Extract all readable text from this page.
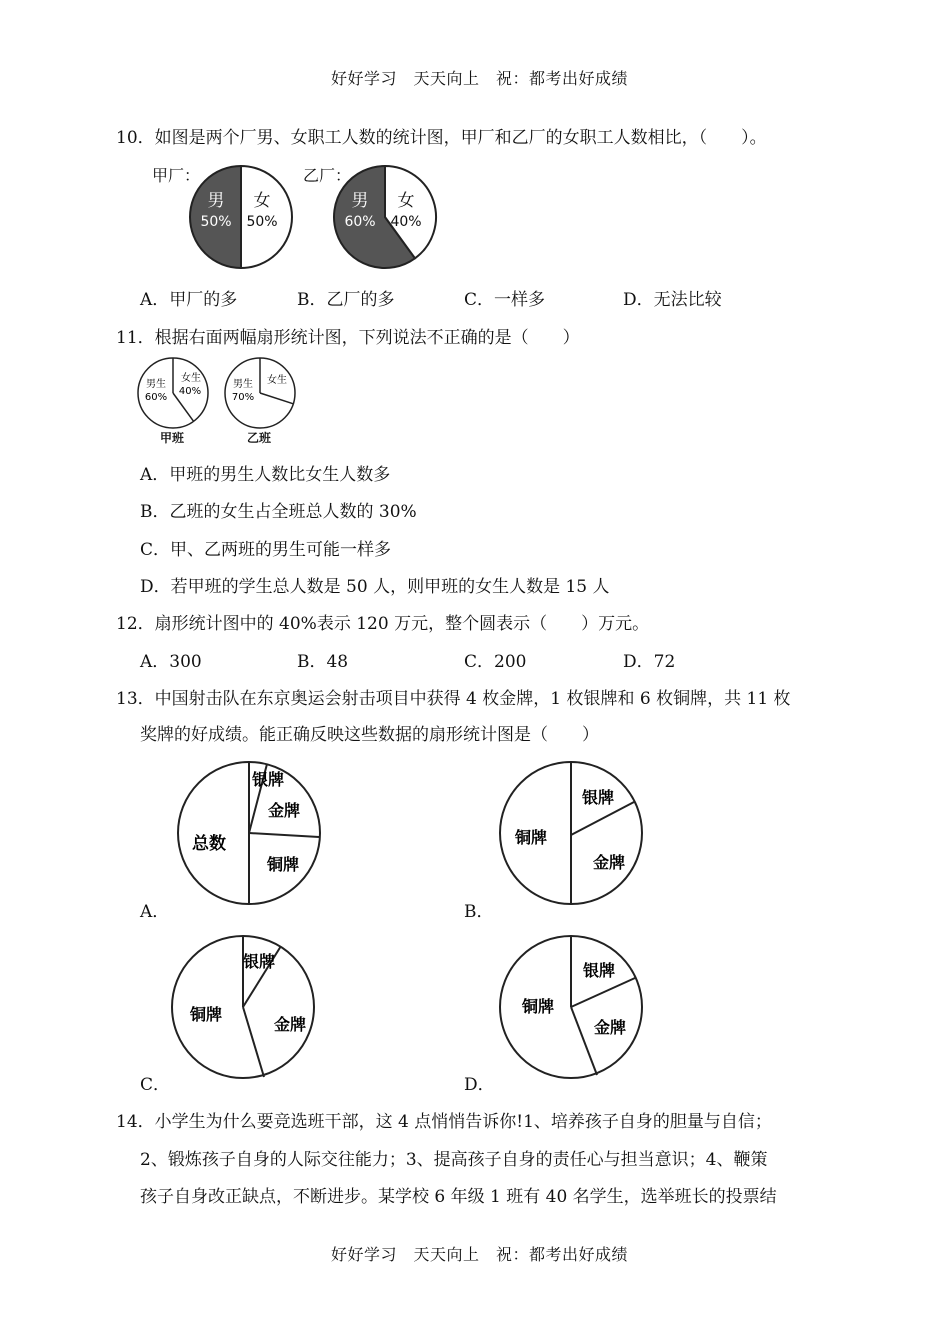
好好学习　天天向上　祝：都考出好成绩
10．如图是两个厂男、女职工人数的统计图，甲厂和乙厂的女职工人数相比，（　　）。
甲厂：
男
50%
女
50%
乙厂：
男
60%
女
40%
A．甲厂的多	B．乙厂的多	C．一样多	D．无法比较
11．根据右面两幅扇形统计图，下列说法不正确的是（　　）
男生
60%
女生
40%
甲班
男生
70%
女生
乙班
A．甲班的男生人数比女生人数多
B．乙班的女生占全班总人数的 30%
C．甲、乙两班的男生可能一样多
D．若甲班的学生总人数是 50 人，则甲班的女生人数是 15 人
12．扇形统计图中的 40%表示 120 万元，整个圆表示（　　）万元。
A．300	B．48	C．200	D．72
13．中国射击队在东京奥运会射击项目中获得 4 枚金牌，1 枚银牌和 6 枚铜牌，共 11 枚
奖牌的好成绩。能正确反映这些数据的扇形统计图是（　　）
总数
银牌
金牌
铜牌
A．
铜牌
银牌
金牌
B．
铜牌
银牌
金牌
C．
铜牌
银牌
金牌
D．
14．小学生为什么要竞选班干部，这 4 点悄悄告诉你!1、培养孩子自身的胆量与自信；
2、锻炼孩子自身的人际交往能力；3、提高孩子自身的责任心与担当意识；4、鞭策
孩子自身改正缺点，不断进步。某学校 6 年级 1 班有 40 名学生，选举班长的投票结
好好学习　天天向上　祝：都考出好成绩
